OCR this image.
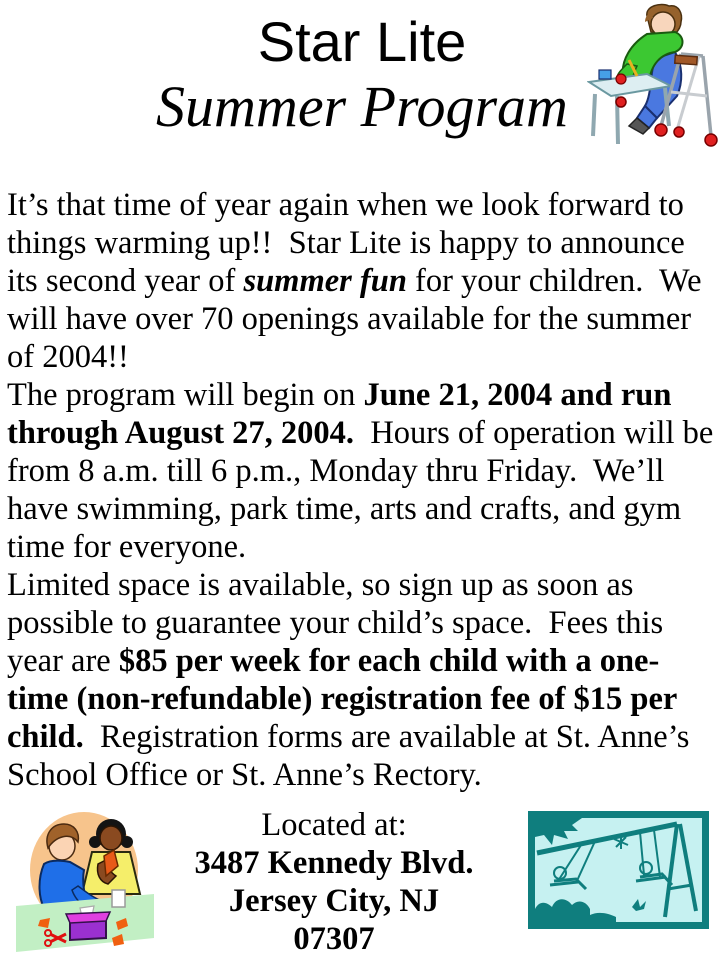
Star Lite
Summer Program

It’s that time of year again when we look forward to things warming up!!  Star Lite is happy to announce its second year of summer fun for your children.  We will have over 70 openings available for the summer of 2004!!

The program will begin on June 21, 2004 and run through August 27, 2004.  Hours of operation will be from 8 a.m. till 6 p.m., Monday thru Friday.  We’ll have swimming, park time, arts and crafts, and gym time for everyone.

Limited space is available, so sign up as soon as possible to guarantee your child’s space.  Fees this year are $85 per week for each child with a one-time (non-refundable) registration fee of $15 per child.  Registration forms are available at St. Anne’s School Office or St. Anne’s Rectory.

Located at:
3487 Kennedy Blvd.
Jersey City, NJ
07307
